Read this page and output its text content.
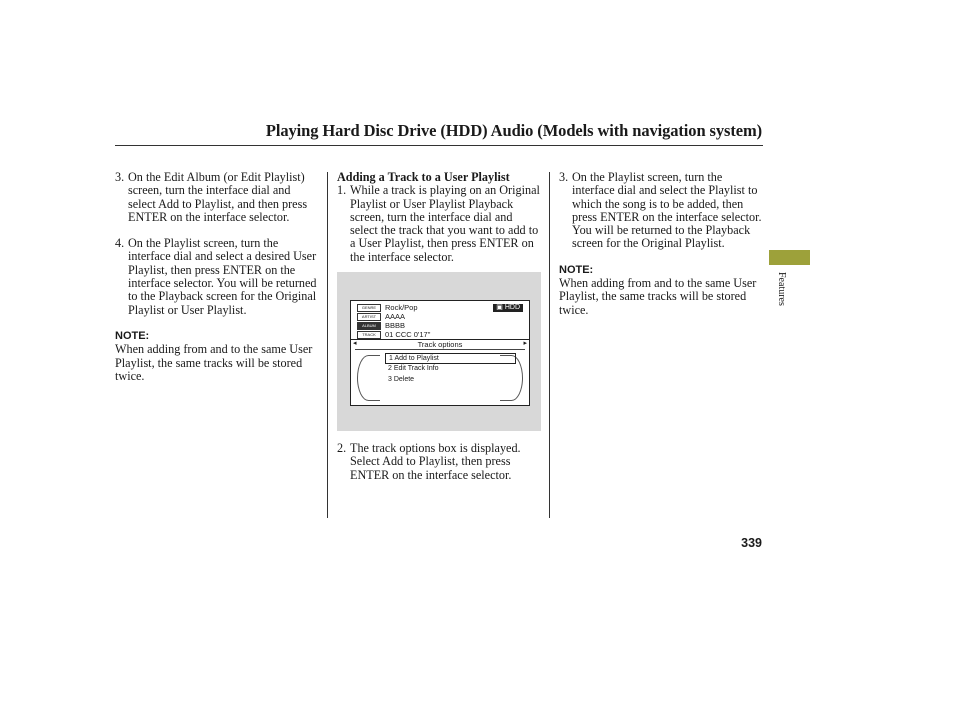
Playing Hard Disc Drive (HDD) Audio (Models with navigation system)
3. On the Edit Album (or Edit Playlist) screen, turn the interface dial and select Add to Playlist, and then press ENTER on the interface selector.
4. On the Playlist screen, turn the interface dial and select a desired User Playlist, then press ENTER on the interface selector. You will be returned to the Playback screen for the Original Playlist or User Playlist.
NOTE:
When adding from and to the same User Playlist, the same tracks will be stored twice.
Adding a Track to a User Playlist
1. While a track is playing on an Original Playlist or User Playlist Playback screen, turn the interface dial and select the track that you want to add to a User Playlist, then press ENTER on the interface selector.
GENRE	Rock/Pop
ARTIST	AAAA
ALBUM	BBBB
TRACK	01 CCC 0'17"
▣ HDD
◂	▸
Track options
1 Add to Playlist
2 Edit Track Info
3 Delete
2. The track options box is displayed. Select Add to Playlist, then press ENTER on the interface selector.
3. On the Playlist screen, turn the interface dial and select the Playlist to which the song is to be added, then press ENTER on the interface selector. You will be returned to the Playback screen for the Original Playlist.
NOTE:
When adding from and to the same User Playlist, the same tracks will be stored twice.
Features
339
